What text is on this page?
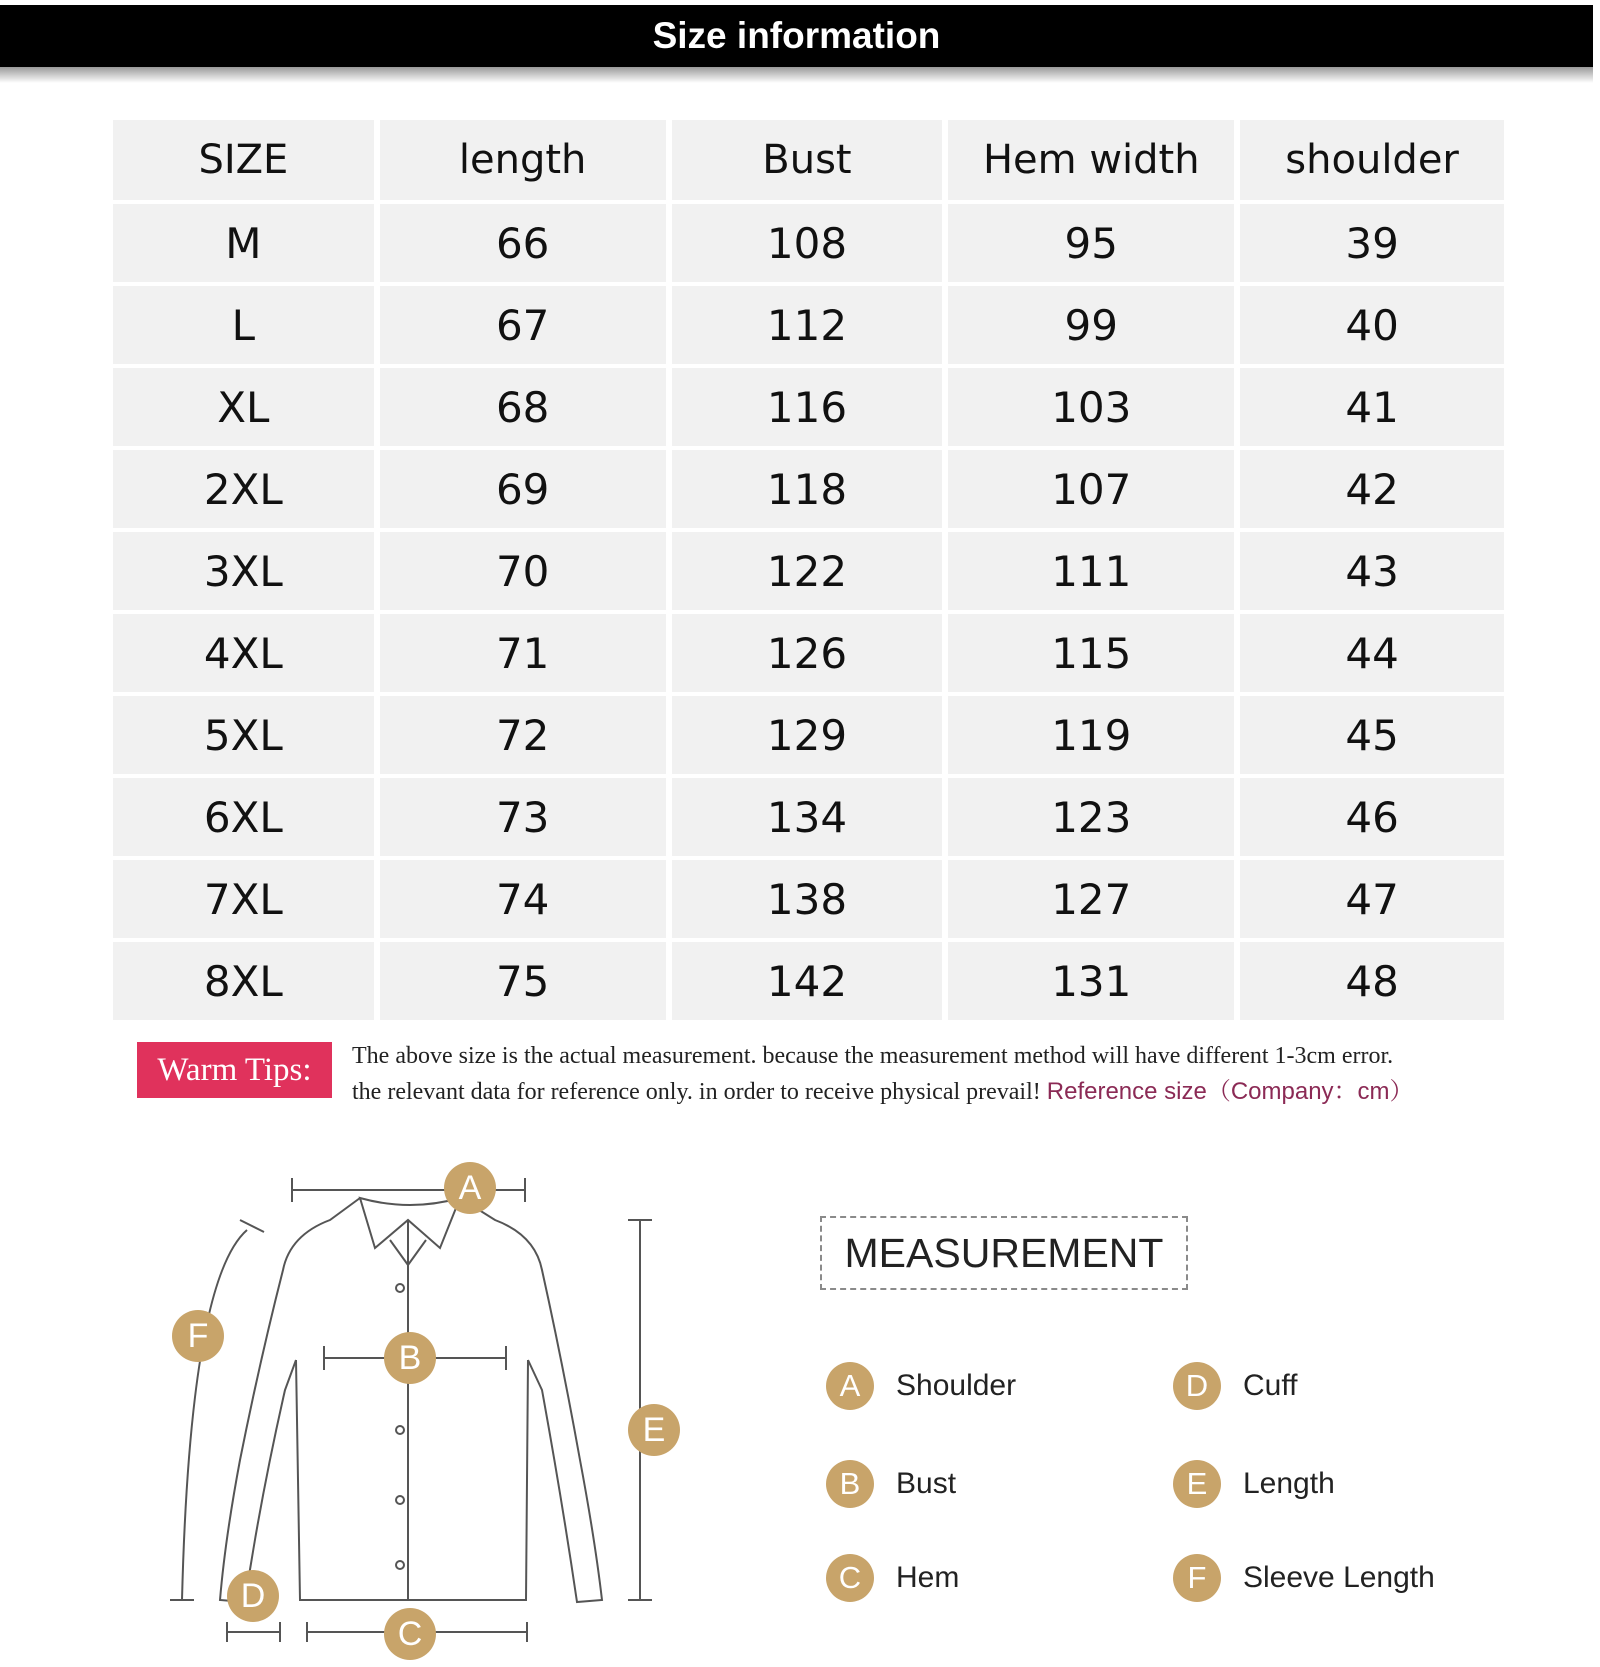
Size information
SIZE	length	Bust	Hem width	shoulder
M	66	108	95	39
L	67	112	99	40
XL	68	116	103	41
2XL	69	118	107	42
3XL	70	122	111	43
4XL	71	126	115	44
5XL	72	129	119	45
6XL	73	134	123	46
7XL	74	138	127	47
8XL	75	142	131	48
Warm Tips:	The above size is the actual measurement. because the measurement method will have different 1-3cm error.
the relevant data for reference only. in order to receive physical prevail! Reference size（Company：cm）
A
B
C
D
E
F
MEASUREMENT
A	Shoulder
B	Bust
C	Hem
D	Cuff
E	Length
F	Sleeve Length
